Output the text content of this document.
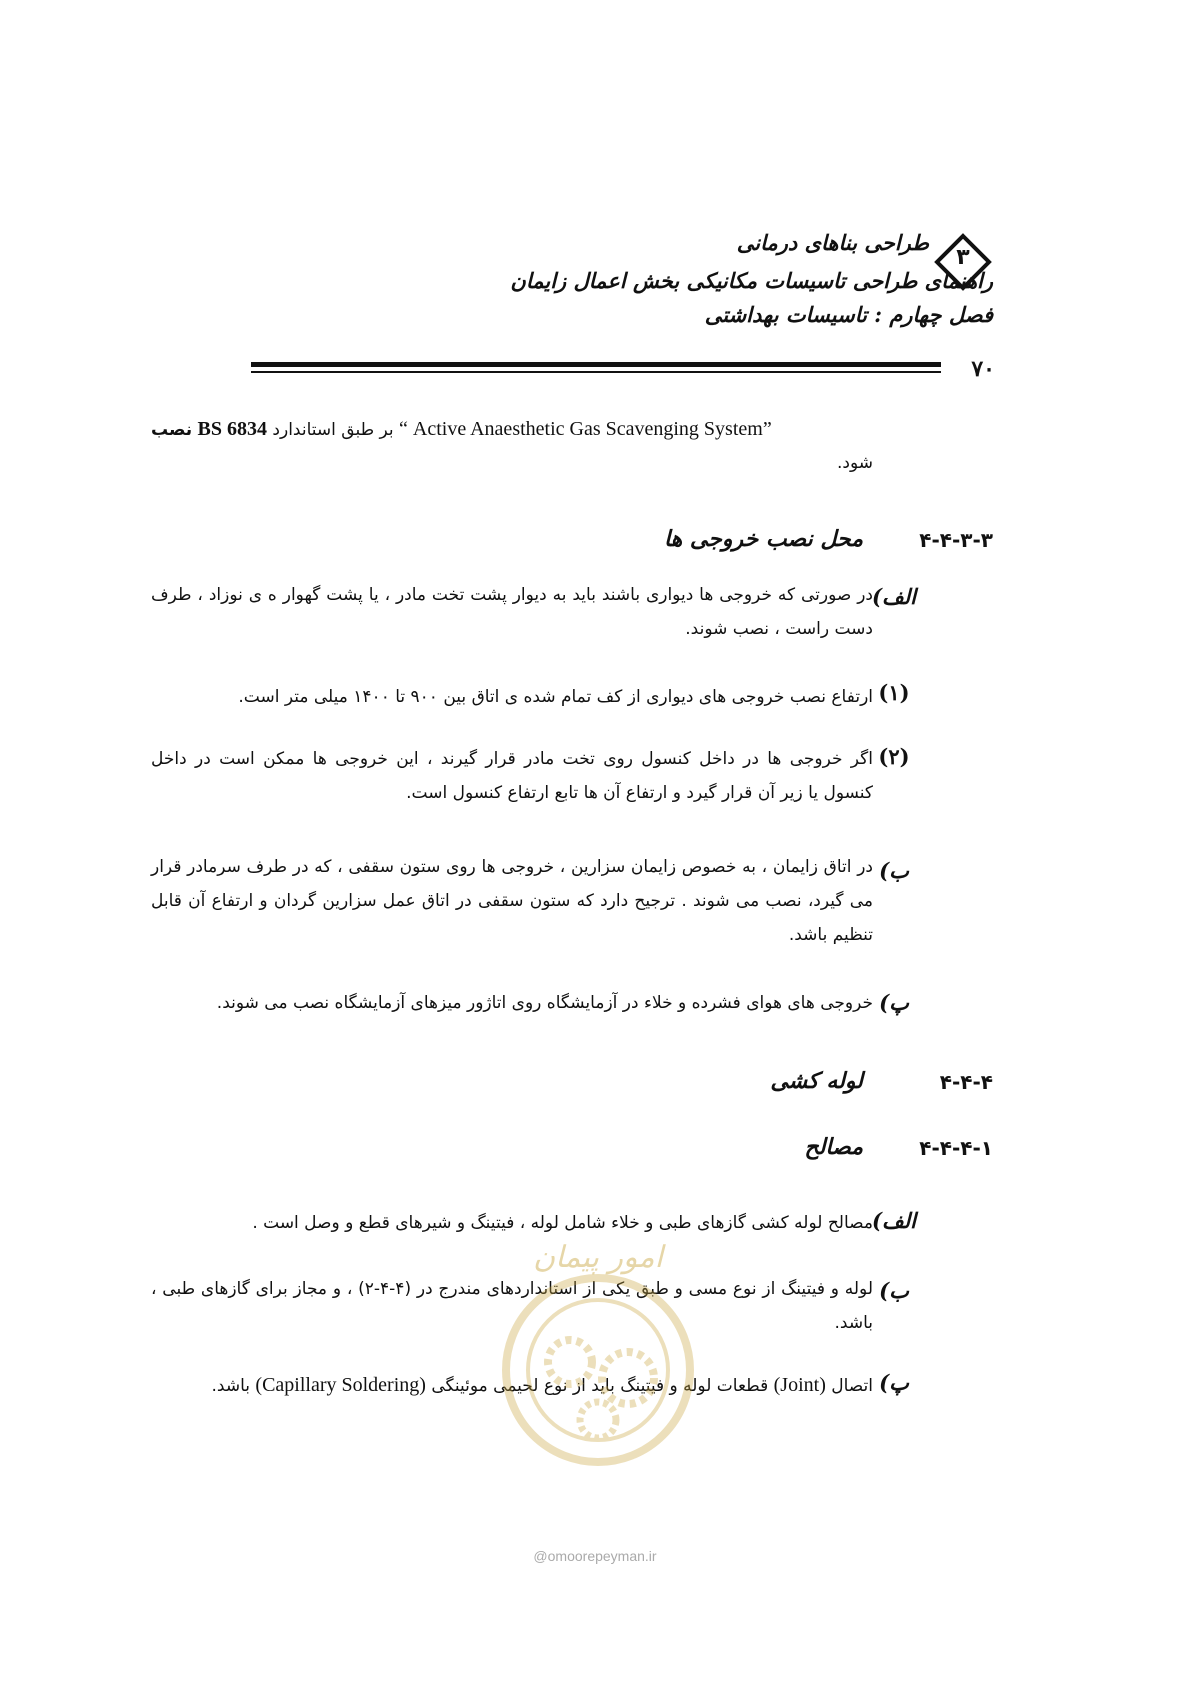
طراحی بناهای درمانی
۳
راهنمای طراحی تاسیسات مکانیکی بخش اعمال زایمان
فصل چهارم : تاسیسات بهداشتی
۷۰
نصب BS 6834 بر طبق استاندارد “ Active Anaesthetic Gas Scavenging System”
شود.
۴-۴-۳-۳
محل نصب خروجی ها
الف)
در صورتی که خروجی ها دیواری باشند باید به دیوار پشت تخت مادر ، یا پشت گهوار ه ی نوزاد ، طرف دست راست ، نصب شوند.
(۱)
ارتفاع نصب خروجی های دیواری از کف تمام شده ی اتاق بین ۹۰۰ تا ۱۴۰۰ میلی متر است.
(۲)
اگر خروجی ها در داخل کنسول روی تخت مادر قرار گیرند ، این خروجی ها ممکن است در داخل کنسول یا زیر آن قرار گیرد و ارتفاع آن ها تابع ارتفاع کنسول است.
ب)
در اتاق زایمان ، به خصوص زایمان سزارین ، خروجی ها روی ستون سقفی ، که در طرف سرمادر قرار می گیرد، نصب می شوند . ترجیح دارد که ستون سقفی در اتاق عمل سزارین گردان و ارتفاع آن قابل تنظیم باشد.
پ)
خروجی های هوای فشرده و خلاء در آزمایشگاه روی اتاژور میزهای آزمایشگاه نصب می شوند.
۴-۴-۴
لوله کشی
۴-۴-۴-۱
مصالح
الف)
مصالح لوله کشی گازهای طبی و خلاء شامل لوله ، فیتینگ و شیرهای قطع و وصل است .
ب)
لوله و فیتینگ از نوع مسی و طبق یکی از استانداردهای مندرج در (۴-۴-۲) ، و مجاز برای گازهای طبی ، باشد.
پ)
اتصال (Joint) قطعات لوله و فیتینگ باید از نوع لحیمی موئینگی (Capillary Soldering) باشد.
امور پیمان
@omoorepeyman.ir
